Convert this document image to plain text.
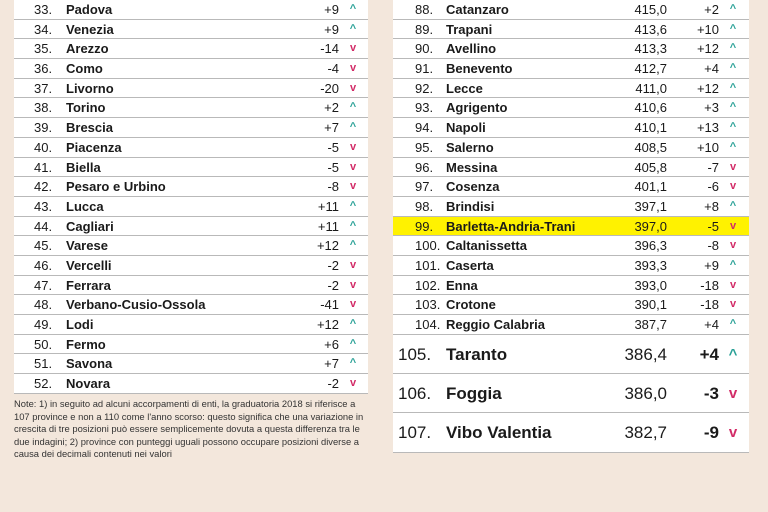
33. Padova	+9 ^
34. Venezia	+9 ^
35. Arezzo	-14 v
36. Como	-4 v
37. Livorno	-20 v
38. Torino	+2 ^
39. Brescia	+7 ^
40. Piacenza	-5 v
41. Biella	-5 v
42. Pesaro e Urbino	-8 v
43. Lucca	+11 ^
44. Cagliari	+11 ^
45. Varese	+12 ^
46. Vercelli	-2 v
47. Ferrara	-2 v
48. Verbano-Cusio-Ossola	-41 v
49. Lodi	+12 ^
50. Fermo	+6 ^
51. Savona	+7 ^
52. Novara	-2 v
88. Catanzaro	415,0	+2 ^
89. Trapani	413,6 +10 ^
90. Avellino	413,3 +12 ^
91. Benevento	412,7	+4 ^
92. Lecce	411,0 +12 ^
93. Agrigento	410,6	+3 ^
94. Napoli	410,1 +13 ^
95. Salerno	408,5 +10 ^
96. Messina	405,8	-7 v
97. Cosenza	401,1	-6 v
98. Brindisi	397,1	+8 ^
99. Barletta-Andria-Trani	397,0	-5 v
100. Caltanissetta	396,3	-8 v
101. Caserta	393,3	+9 ^
102. Enna	393,0	-18 v
103. Crotone	390,1	-18 v
104. Reggio Calabria	387,7	+4 ^
105. Taranto	386,4 +4 ^
106. Foggia	386,0 -3 v
107. Vibo Valentia	382,7 -9 v
Note: 1) in seguito ad alcuni accorpamenti di enti, la graduatoria 2018 si riferisce a 107 province e non a 110 come l'anno scorso: questo significa che una variazione in crescita di tre posizioni può essere semplicemente dovuta a questa differenza tra le due indagini; 2) province con punteggi uguali possono occupare posizioni diverse a causa dei decimali contenuti nei valori
